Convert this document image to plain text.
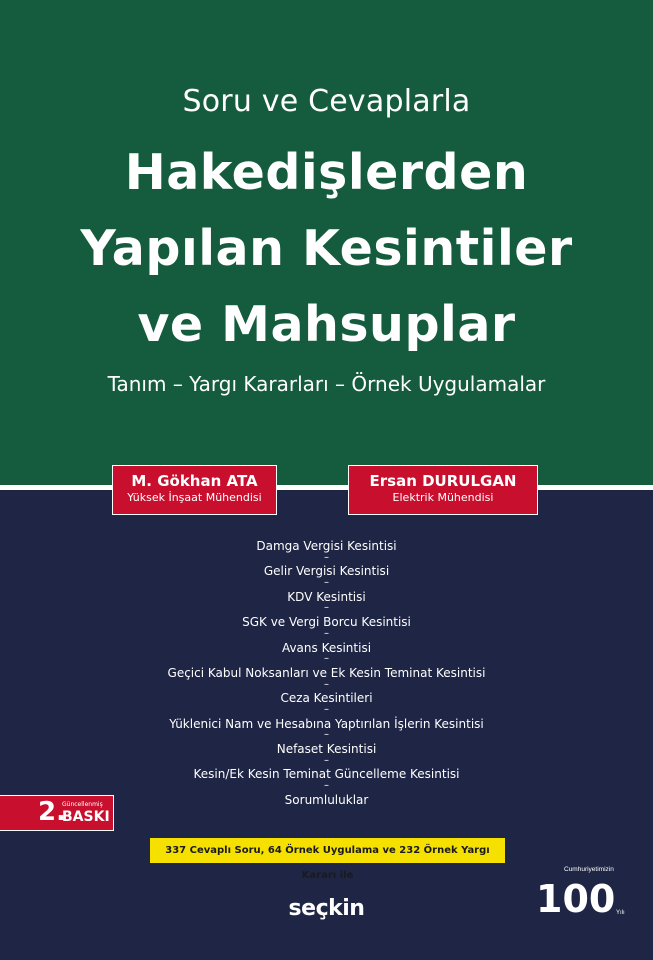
Soru ve Cevaplarla
Hakedişlerden
Yapılan Kesintiler
ve Mahsuplar
Tanım – Yargı Kararları – Örnek Uygulamalar
M. Gökhan ATA
Yüksek İnşaat Mühendisi
Ersan DURULGAN
Elektrik Mühendisi
Damga Vergisi Kesintisi
–
Gelir Vergisi Kesintisi
–
KDV Kesintisi
–
SGK ve Vergi Borcu Kesintisi
–
Avans Kesintisi
–
Geçici Kabul Noksanları ve Ek Kesin Teminat Kesintisi
–
Ceza Kesintileri
–
Yüklenici Nam ve Hesabına Yaptırılan İşlerin Kesintisi
–
Nefaset Kesintisi
–
Kesin/Ek Kesin Teminat Güncelleme Kesintisi
–
Sorumluluklar
2.
Güncellenmiş
BASKI
337 Cevaplı Soru, 64 Örnek Uygulama ve 232 Örnek Yargı Kararı ile
seçkin
Cumhuriyetimizin
100 Yılı
